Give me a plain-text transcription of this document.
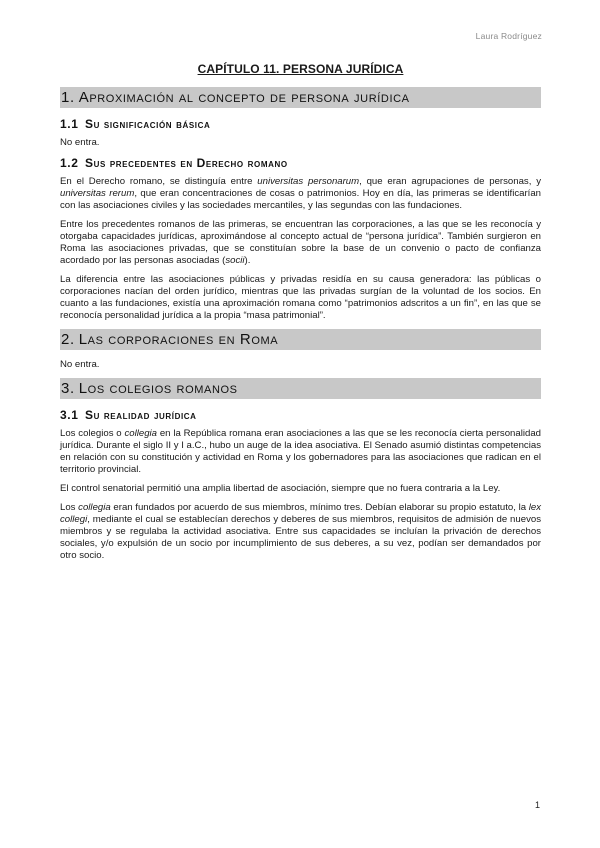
Laura Rodríguez
CAPÍTULO 11. PERSONA JURÍDICA
1. Aproximación al concepto de persona jurídica
1.1 Su significación básica

No entra.

1.2 Sus precedentes en Derecho romano

En el Derecho romano, se distinguía entre universitas personarum, que eran agrupaciones de personas, y universitas rerum, que eran concentraciones de cosas o patrimonios. Hoy en día, las primeras se identificarían con las asociaciones civiles y las sociedades mercantiles, y las segundas con las fundaciones.

Entre los precedentes romanos de las primeras, se encuentran las corporaciones, a las que se les reconocía y otorgaba capacidades jurídicas, aproximándose al concepto actual de “persona jurídica”. También surgieron en Roma las asociaciones privadas, que se constituían sobre la base de un convenio o pacto de confianza acordado por las personas asociadas (socii).

La diferencia entre las asociaciones públicas y privadas residía en su causa generadora: las públicas o corporaciones nacían del orden jurídico, mientras que las privadas surgían de la voluntad de los socios. En cuanto a las fundaciones, existía una aproximación romana como “patrimonios adscritos a un fin”, en las que se reconocía personalidad jurídica a la propia “masa patrimonial”.

2. Las corporaciones en Roma

No entra.

3. Los colegios romanos
3.1 Su realidad jurídica

Los colegios o collegia en la República romana eran asociaciones a las que se les reconocía cierta personalidad jurídica. Durante el siglo II y I a.C., hubo un auge de la idea asociativa. El Senado asumió distintas competencias en relación con su constitución y actividad en Roma y los gobernadores para las asociaciones que radican en el territorio provincial.

El control senatorial permitió una amplia libertad de asociación, siempre que no fuera contraria a la Ley.

Los collegia eran fundados por acuerdo de sus miembros, mínimo tres. Debían elaborar su propio estatuto, la lex collegi, mediante el cual se establecían derechos y deberes de sus miembros, requisitos de admisión de nuevos miembros y se regulaba la actividad asociativa. Entre sus capacidades se incluían la privación de derechos sociales, y/o expulsión de un socio por incumplimiento de sus deberes, a su vez, podían ser demandados por otro socio.

1
